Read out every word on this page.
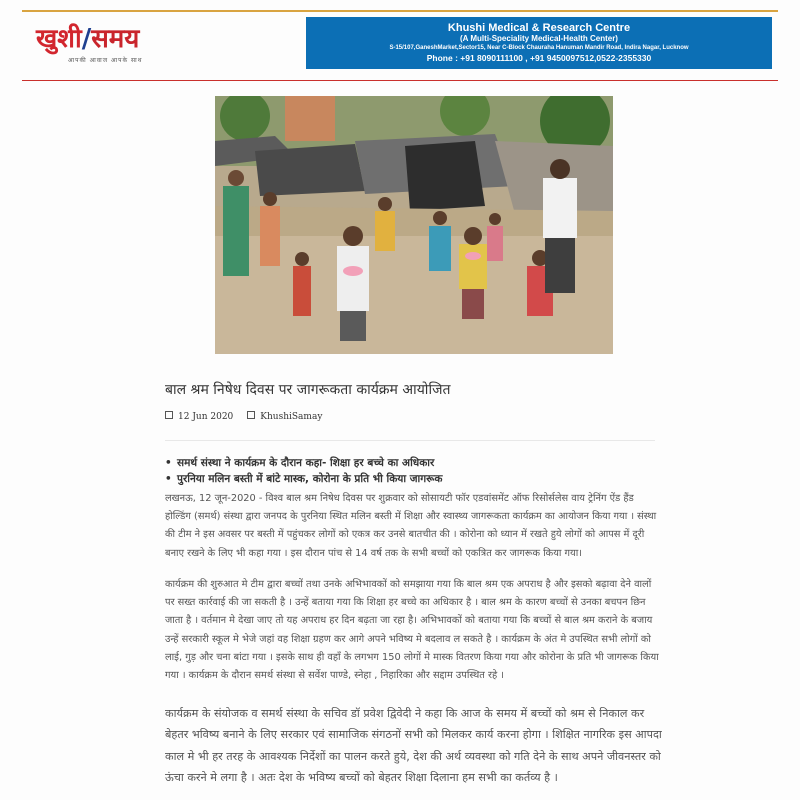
खुशी/समय
आपकी आवाज आपके साथ
Khushi Medical & Research Centre
(A Multi-Speciality Medical-Health Center)
S-15/107,GaneshMarket,Sector15, Near C-Block Chauraha Hanuman Mandir Road, Indira Nagar, Lucknow
Phone : +91 8090111100 , +91 9450097512,0522-2355330
बाल श्रम निषेध दिवस पर जागरूकता कार्यक्रम आयोजित
12 Jun 2020	KhushiSamay
• समर्थ संस्था ने कार्यक्रम के दौरान कहा- शिक्षा हर बच्चे का अधिकार
• पुरनिया मलिन बस्ती में बांटे मास्क, कोरोना के प्रति भी किया जागरूक

लखनऊ, 12 जून-2020 - विश्व बाल श्रम निषेध दिवस पर शुक्रवार को सोसायटी फॉर एडवांसमेंट ऑफ रिसोर्सलेस वाय ट्रेनिंग ऐंड हैंड होल्डिंग (समर्थ) संस्था द्वारा जनपद के पुरनिया स्थित मलिन बस्ती में शिक्षा और स्वास्थ्य जागरूकता कार्यक्रम का आयोजन किया गया । संस्था की टीम ने इस अवसर पर बस्ती में पहुंचकर लोगों को एकत्र कर उनसे बातचीत की । कोरोना को ध्यान में रखते हुये लोगों को आपस में दूरी बनाए रखने के लिए भी कहा गया । इस दौरान पांच से 14 वर्ष तक के सभी बच्चों को एकत्रित कर जागरूक किया गया।

कार्यक्रम की शुरुआत मे टीम द्वारा बच्चों तथा उनके अभिभावकों को समझाया गया कि बाल श्रम एक अपराध है और इसको बढ़ावा देने वालों पर सख्त कार्रवाई की जा सकती है । उन्हें बताया गया कि शिक्षा हर बच्चे का अधिकार है । बाल श्रम के कारण बच्चों से उनका बचपन छिन जाता है । वर्तमान मे देखा जाए तो यह अपराध हर दिन बढ़ता जा रहा है। अभिभावकों को बताया गया कि बच्चों से बाल श्रम कराने के बजाय उन्हें सरकारी स्कूल मे भेजे जहां वह शिक्षा ग्रहण कर आगे अपने भविष्य मे बदलाव ल सकते है । कार्यक्रम के अंत मे उपस्थित सभी लोगों को लाई, गुड़ और चना बांटा गया । इसके साथ ही वहाँ के लगभग 150 लोगों मे मास्क वितरण किया गया और कोरोना के प्रति भी जागरूक किया गया । कार्यक्रम के दौरान समर्थ संस्था से सर्वेश पाण्डे, स्नेहा , निहारिका और सद्दाम उपस्थित रहे ।

कार्यक्रम के संयोजक व समर्थ संस्था के सचिव डॉ प्रवेश द्विवेदी ने कहा कि आज के समय में बच्चों को श्रम से निकाल कर बेहतर भविष्य बनाने के लिए सरकार एवं सामाजिक संगठनों सभी को मिलकर कार्य करना होगा । शिक्षित नागरिक इस आपदा काल मे भी हर तरह के आवश्यक निर्देशों का पालन करते हुये, देश की अर्थ व्यवस्था को गति देने के साथ अपने जीवनस्तर को ऊंचा करने मे लगा है । अतः देश के भविष्य बच्चों को बेहतर शिक्षा दिलाना हम सभी का कर्तव्य है ।
